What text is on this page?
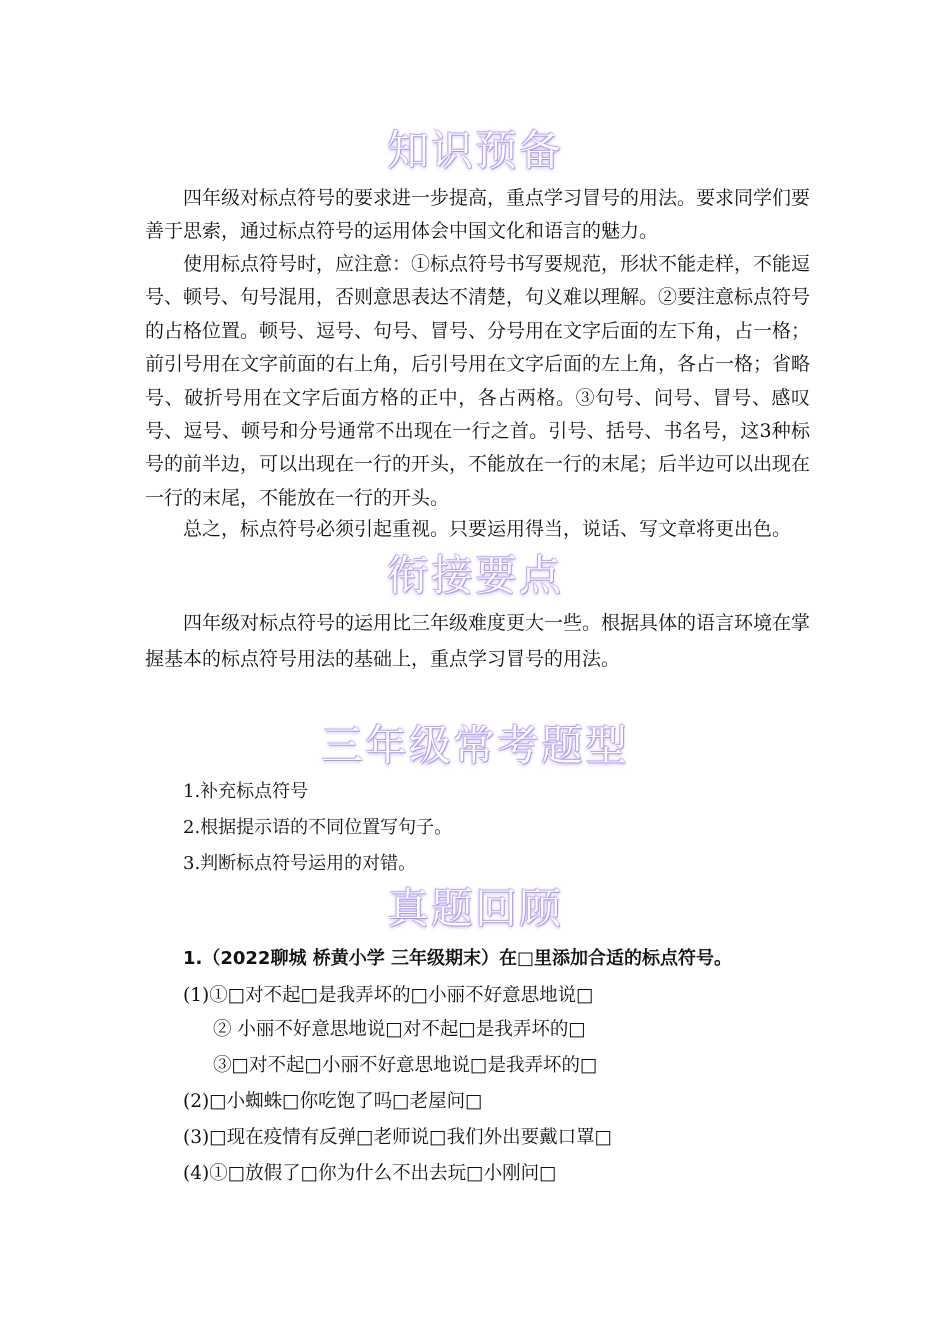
知识预备

四年级对标点符号的要求进一步提高，重点学习冒号的用法。要求同学们要善于思索，通过标点符号的运用体会中国文化和语言的魅力。

使用标点符号时，应注意：①标点符号书写要规范，形状不能走样，不能逗号、顿号、句号混用，否则意思表达不清楚，句义难以理解。②要注意标点符号的占格位置。顿号、逗号、句号、冒号、分号用在文字后面的左下角，占一格；前引号用在文字前面的右上角，后引号用在文字后面的左上角，各占一格；省略号、破折号用在文字后面方格的正中，各占两格。③句号、问号、冒号、感叹号、逗号、顿号和分号通常不出现在一行之首。引号、括号、书名号，这3种标号的前半边，可以出现在一行的开头，不能放在一行的末尾；后半边可以出现在一行的末尾，不能放在一行的开头。

总之，标点符号必须引起重视。只要运用得当，说话、写文章将更出色。

衔接要点

四年级对标点符号的运用比三年级难度更大一些。根据具体的语言环境在掌握基本的标点符号用法的基础上，重点学习冒号的用法。

三年级常考题型
1.补充标点符号
2.根据提示语的不同位置写句子。
3.判断标点符号运用的对错。
真题回顾
1.（2022聊城 桥黄小学 三年级期末）在□里添加合适的标点符号。
(1)①□对不起□是我弄坏的□小丽不好意思地说□
② 小丽不好意思地说□对不起□是我弄坏的□
③□对不起□小丽不好意思地说□是我弄坏的□
(2)□小蜘蛛□你吃饱了吗□老屋问□
(3)□现在疫情有反弹□老师说□我们外出要戴口罩□
(4)①□放假了□你为什么不出去玩□小刚问□
